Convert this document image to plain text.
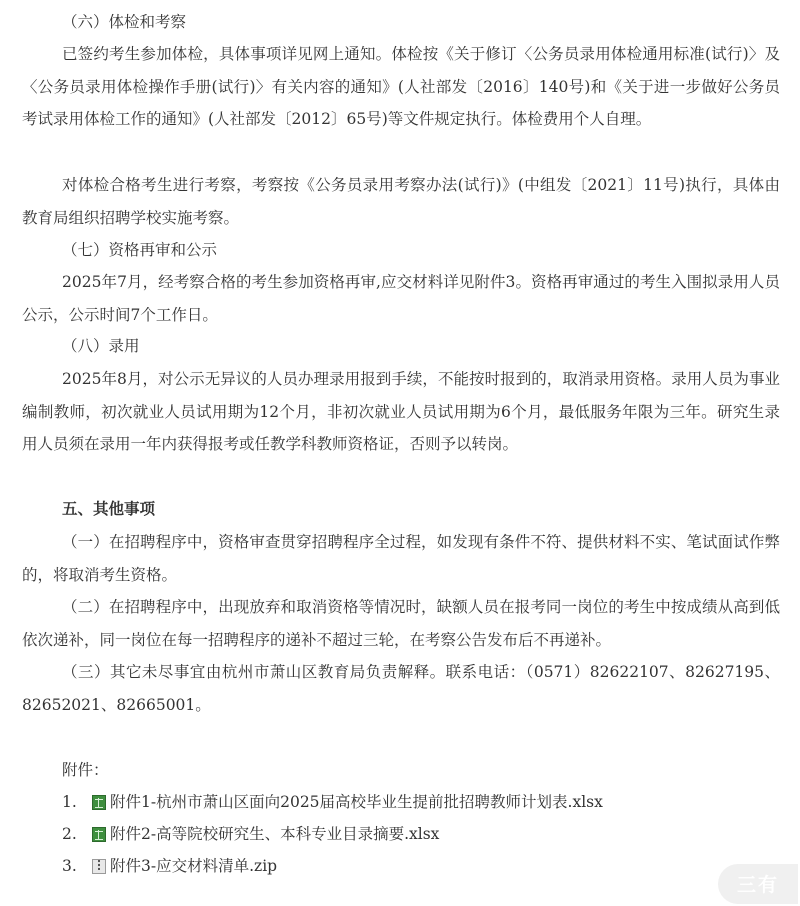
（六）体检和考察
已签约考生参加体检，具体事项详见网上通知。体检按《关于修订〈公务员录用体检通用标准(试行)〉及〈公务员录用体检操作手册(试行)〉有关内容的通知》(人社部发〔2016〕140号)和《关于进一步做好公务员考试录用体检工作的通知》(人社部发〔2012〕65号)等文件规定执行。体检费用个人自理。
对体检合格考生进行考察，考察按《公务员录用考察办法(试行)》(中组发〔2021〕11号)执行，具体由教育局组织招聘学校实施考察。
（七）资格再审和公示
2025年7月，经考察合格的考生参加资格再审,应交材料详见附件3。资格再审通过的考生入围拟录用人员公示，公示时间7个工作日。
（八）录用
2025年8月，对公示无异议的人员办理录用报到手续，不能按时报到的，取消录用资格。录用人员为事业编制教师，初次就业人员试用期为12个月，非初次就业人员试用期为6个月，最低服务年限为三年。研究生录用人员须在录用一年内获得报考或任教学科教师资格证，否则予以转岗。
五、其他事项
（一）在招聘程序中，资格审查贯穿招聘程序全过程，如发现有条件不符、提供材料不实、笔试面试作弊的，将取消考生资格。
（二）在招聘程序中，出现放弃和取消资格等情况时，缺额人员在报考同一岗位的考生中按成绩从高到低依次递补，同一岗位在每一招聘程序的递补不超过三轮，在考察公告发布后不再递补。
（三）其它未尽事宜由杭州市萧山区教育局负责解释。联系电话：（0571）82622107、82627195、82652021、82665001。
附件：
1.	附件1-杭州市萧山区面向2025届高校毕业生提前批招聘教师计划表.xlsx
2.	附件2-高等院校研究生、本科专业目录摘要.xlsx
3.	附件3-应交材料清单.zip
三有
